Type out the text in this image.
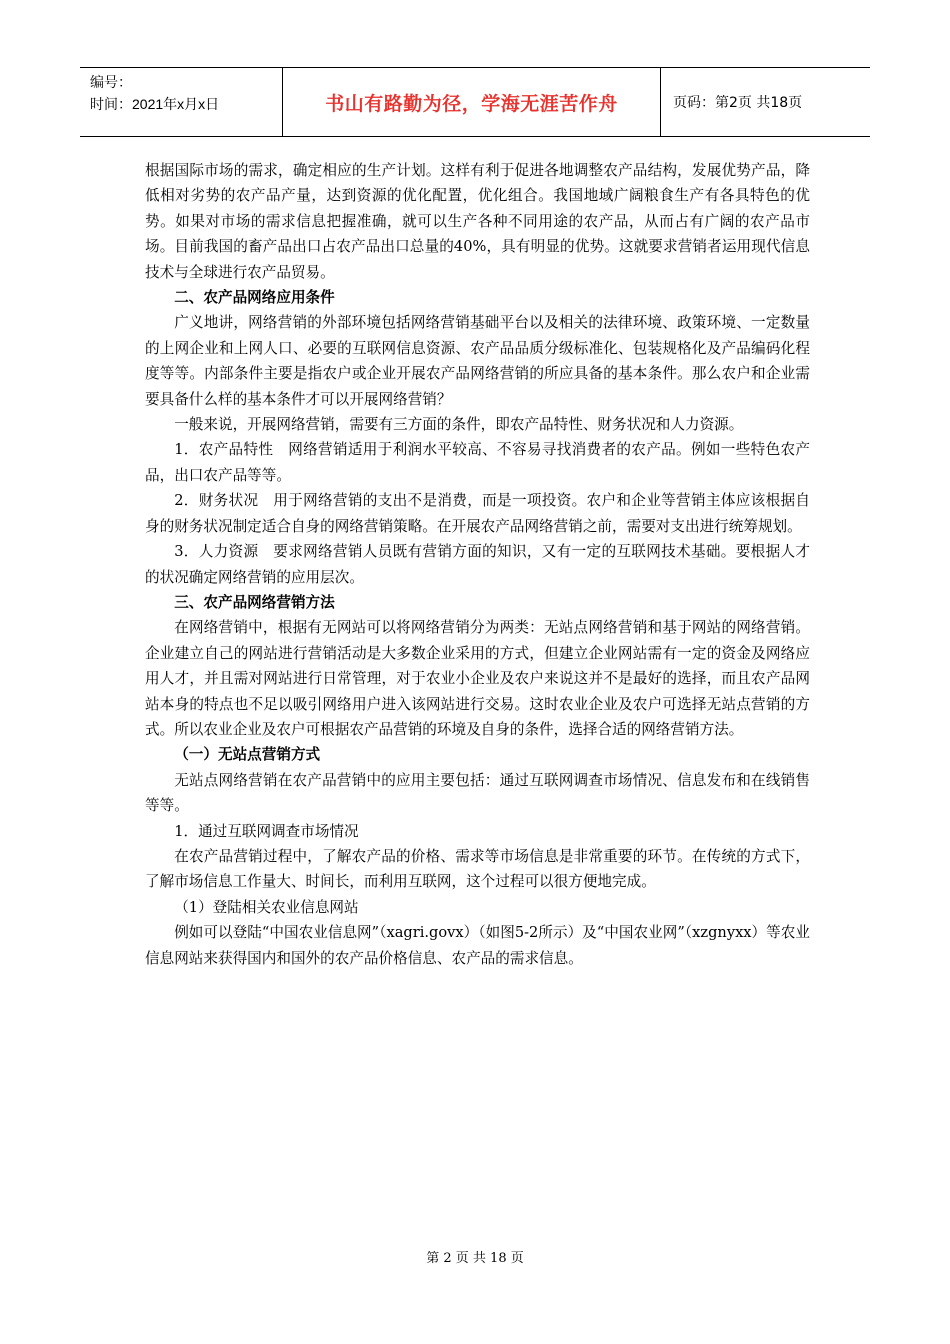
编号：
时间：2021年x月x日	书山有路勤为径，学海无涯苦作舟	页码：第2页 共18页

根据国际市场的需求，确定相应的生产计划。这样有利于促进各地调整农产品结构，发展优势产品，降低相对劣势的农产品产量，达到资源的优化配置，优化组合。我国地域广阔粮食生产有各具特色的优势。如果对市场的需求信息把握准确，就可以生产各种不同用途的农产品，从而占有广阔的农产品市场。目前我国的畜产品出口占农产品出口总量的40%，具有明显的优势。这就要求营销者运用现代信息技术与全球进行农产品贸易。

二、农产品网络应用条件

广义地讲，网络营销的外部环境包括网络营销基础平台以及相关的法律环境、政策环境、一定数量的上网企业和上网人口、必要的互联网信息资源、农产品品质分级标准化、包装规格化及产品编码化程度等等。内部条件主要是指农户或企业开展农产品网络营销的所应具备的基本条件。那么农户和企业需要具备什么样的基本条件才可以开展网络营销？

一般来说，开展网络营销，需要有三方面的条件，即农产品特性、财务状况和人力资源。

1．农产品特性　网络营销适用于利润水平较高、不容易寻找消费者的农产品。例如一些特色农产品，出口农产品等等。

2．财务状况　用于网络营销的支出不是消费，而是一项投资。农户和企业等营销主体应该根据自身的财务状况制定适合自身的网络营销策略。在开展农产品网络营销之前，需要对支出进行统筹规划。

3．人力资源　要求网络营销人员既有营销方面的知识，又有一定的互联网技术基础。要根据人才的状况确定网络营销的应用层次。

三、农产品网络营销方法

在网络营销中，根据有无网站可以将网络营销分为两类：无站点网络营销和基于网站的网络营销。企业建立自己的网站进行营销活动是大多数企业采用的方式，但建立企业网站需有一定的资金及网络应用人才，并且需对网站进行日常管理，对于农业小企业及农户来说这并不是最好的选择，而且农产品网站本身的特点也不足以吸引网络用户进入该网站进行交易。这时农业企业及农户可选择无站点营销的方式。所以农业企业及农户可根据农产品营销的环境及自身的条件，选择合适的网络营销方法。

（一）无站点营销方式

无站点网络营销在农产品营销中的应用主要包括：通过互联网调查市场情况、信息发布和在线销售等等。

1．通过互联网调查市场情况

在农产品营销过程中，了解农产品的价格、需求等市场信息是非常重要的环节。在传统的方式下，了解市场信息工作量大、时间长，而利用互联网，这个过程可以很方便地完成。

（1）登陆相关农业信息网站

例如可以登陆“中国农业信息网”（xagri.govx）（如图5-2所示）及“中国农业网”（xzgnyxx）等农业信息网站来获得国内和国外的农产品价格信息、农产品的需求信息。

第 2 页 共 18 页
